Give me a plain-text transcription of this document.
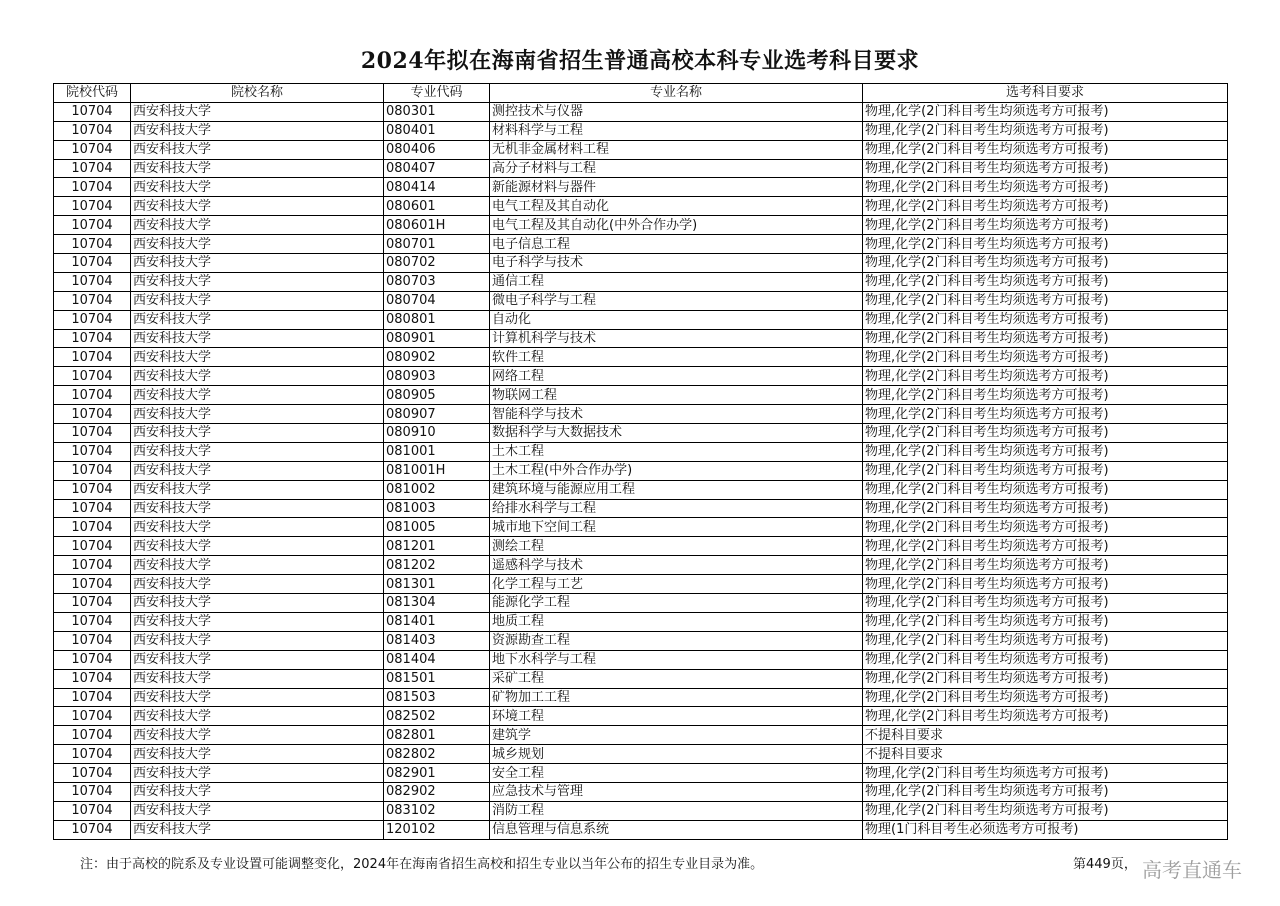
2024年拟在海南省招生普通高校本科专业选考科目要求
院校代码	院校名称	专业代码	专业名称	选考科目要求
10704	西安科技大学	080301	测控技术与仪器	物理,化学(2门科目考生均须选考方可报考)
10704	西安科技大学	080401	材料科学与工程	物理,化学(2门科目考生均须选考方可报考)
10704	西安科技大学	080406	无机非金属材料工程	物理,化学(2门科目考生均须选考方可报考)
10704	西安科技大学	080407	高分子材料与工程	物理,化学(2门科目考生均须选考方可报考)
10704	西安科技大学	080414	新能源材料与器件	物理,化学(2门科目考生均须选考方可报考)
10704	西安科技大学	080601	电气工程及其自动化	物理,化学(2门科目考生均须选考方可报考)
10704	西安科技大学	080601H	电气工程及其自动化(中外合作办学)	物理,化学(2门科目考生均须选考方可报考)
10704	西安科技大学	080701	电子信息工程	物理,化学(2门科目考生均须选考方可报考)
10704	西安科技大学	080702	电子科学与技术	物理,化学(2门科目考生均须选考方可报考)
10704	西安科技大学	080703	通信工程	物理,化学(2门科目考生均须选考方可报考)
10704	西安科技大学	080704	微电子科学与工程	物理,化学(2门科目考生均须选考方可报考)
10704	西安科技大学	080801	自动化	物理,化学(2门科目考生均须选考方可报考)
10704	西安科技大学	080901	计算机科学与技术	物理,化学(2门科目考生均须选考方可报考)
10704	西安科技大学	080902	软件工程	物理,化学(2门科目考生均须选考方可报考)
10704	西安科技大学	080903	网络工程	物理,化学(2门科目考生均须选考方可报考)
10704	西安科技大学	080905	物联网工程	物理,化学(2门科目考生均须选考方可报考)
10704	西安科技大学	080907	智能科学与技术	物理,化学(2门科目考生均须选考方可报考)
10704	西安科技大学	080910	数据科学与大数据技术	物理,化学(2门科目考生均须选考方可报考)
10704	西安科技大学	081001	土木工程	物理,化学(2门科目考生均须选考方可报考)
10704	西安科技大学	081001H	土木工程(中外合作办学)	物理,化学(2门科目考生均须选考方可报考)
10704	西安科技大学	081002	建筑环境与能源应用工程	物理,化学(2门科目考生均须选考方可报考)
10704	西安科技大学	081003	给排水科学与工程	物理,化学(2门科目考生均须选考方可报考)
10704	西安科技大学	081005	城市地下空间工程	物理,化学(2门科目考生均须选考方可报考)
10704	西安科技大学	081201	测绘工程	物理,化学(2门科目考生均须选考方可报考)
10704	西安科技大学	081202	遥感科学与技术	物理,化学(2门科目考生均须选考方可报考)
10704	西安科技大学	081301	化学工程与工艺	物理,化学(2门科目考生均须选考方可报考)
10704	西安科技大学	081304	能源化学工程	物理,化学(2门科目考生均须选考方可报考)
10704	西安科技大学	081401	地质工程	物理,化学(2门科目考生均须选考方可报考)
10704	西安科技大学	081403	资源勘查工程	物理,化学(2门科目考生均须选考方可报考)
10704	西安科技大学	081404	地下水科学与工程	物理,化学(2门科目考生均须选考方可报考)
10704	西安科技大学	081501	采矿工程	物理,化学(2门科目考生均须选考方可报考)
10704	西安科技大学	081503	矿物加工工程	物理,化学(2门科目考生均须选考方可报考)
10704	西安科技大学	082502	环境工程	物理,化学(2门科目考生均须选考方可报考)
10704	西安科技大学	082801	建筑学	不提科目要求
10704	西安科技大学	082802	城乡规划	不提科目要求
10704	西安科技大学	082901	安全工程	物理,化学(2门科目考生均须选考方可报考)
10704	西安科技大学	082902	应急技术与管理	物理,化学(2门科目考生均须选考方可报考)
10704	西安科技大学	083102	消防工程	物理,化学(2门科目考生均须选考方可报考)
10704	西安科技大学	120102	信息管理与信息系统	物理(1门科目考生必须选考方可报考)
注：由于高校的院系及专业设置可能调整变化，2024年在海南省招生高校和招生专业以当年公布的招生专业目录为准。	第449页， 高考直通车
